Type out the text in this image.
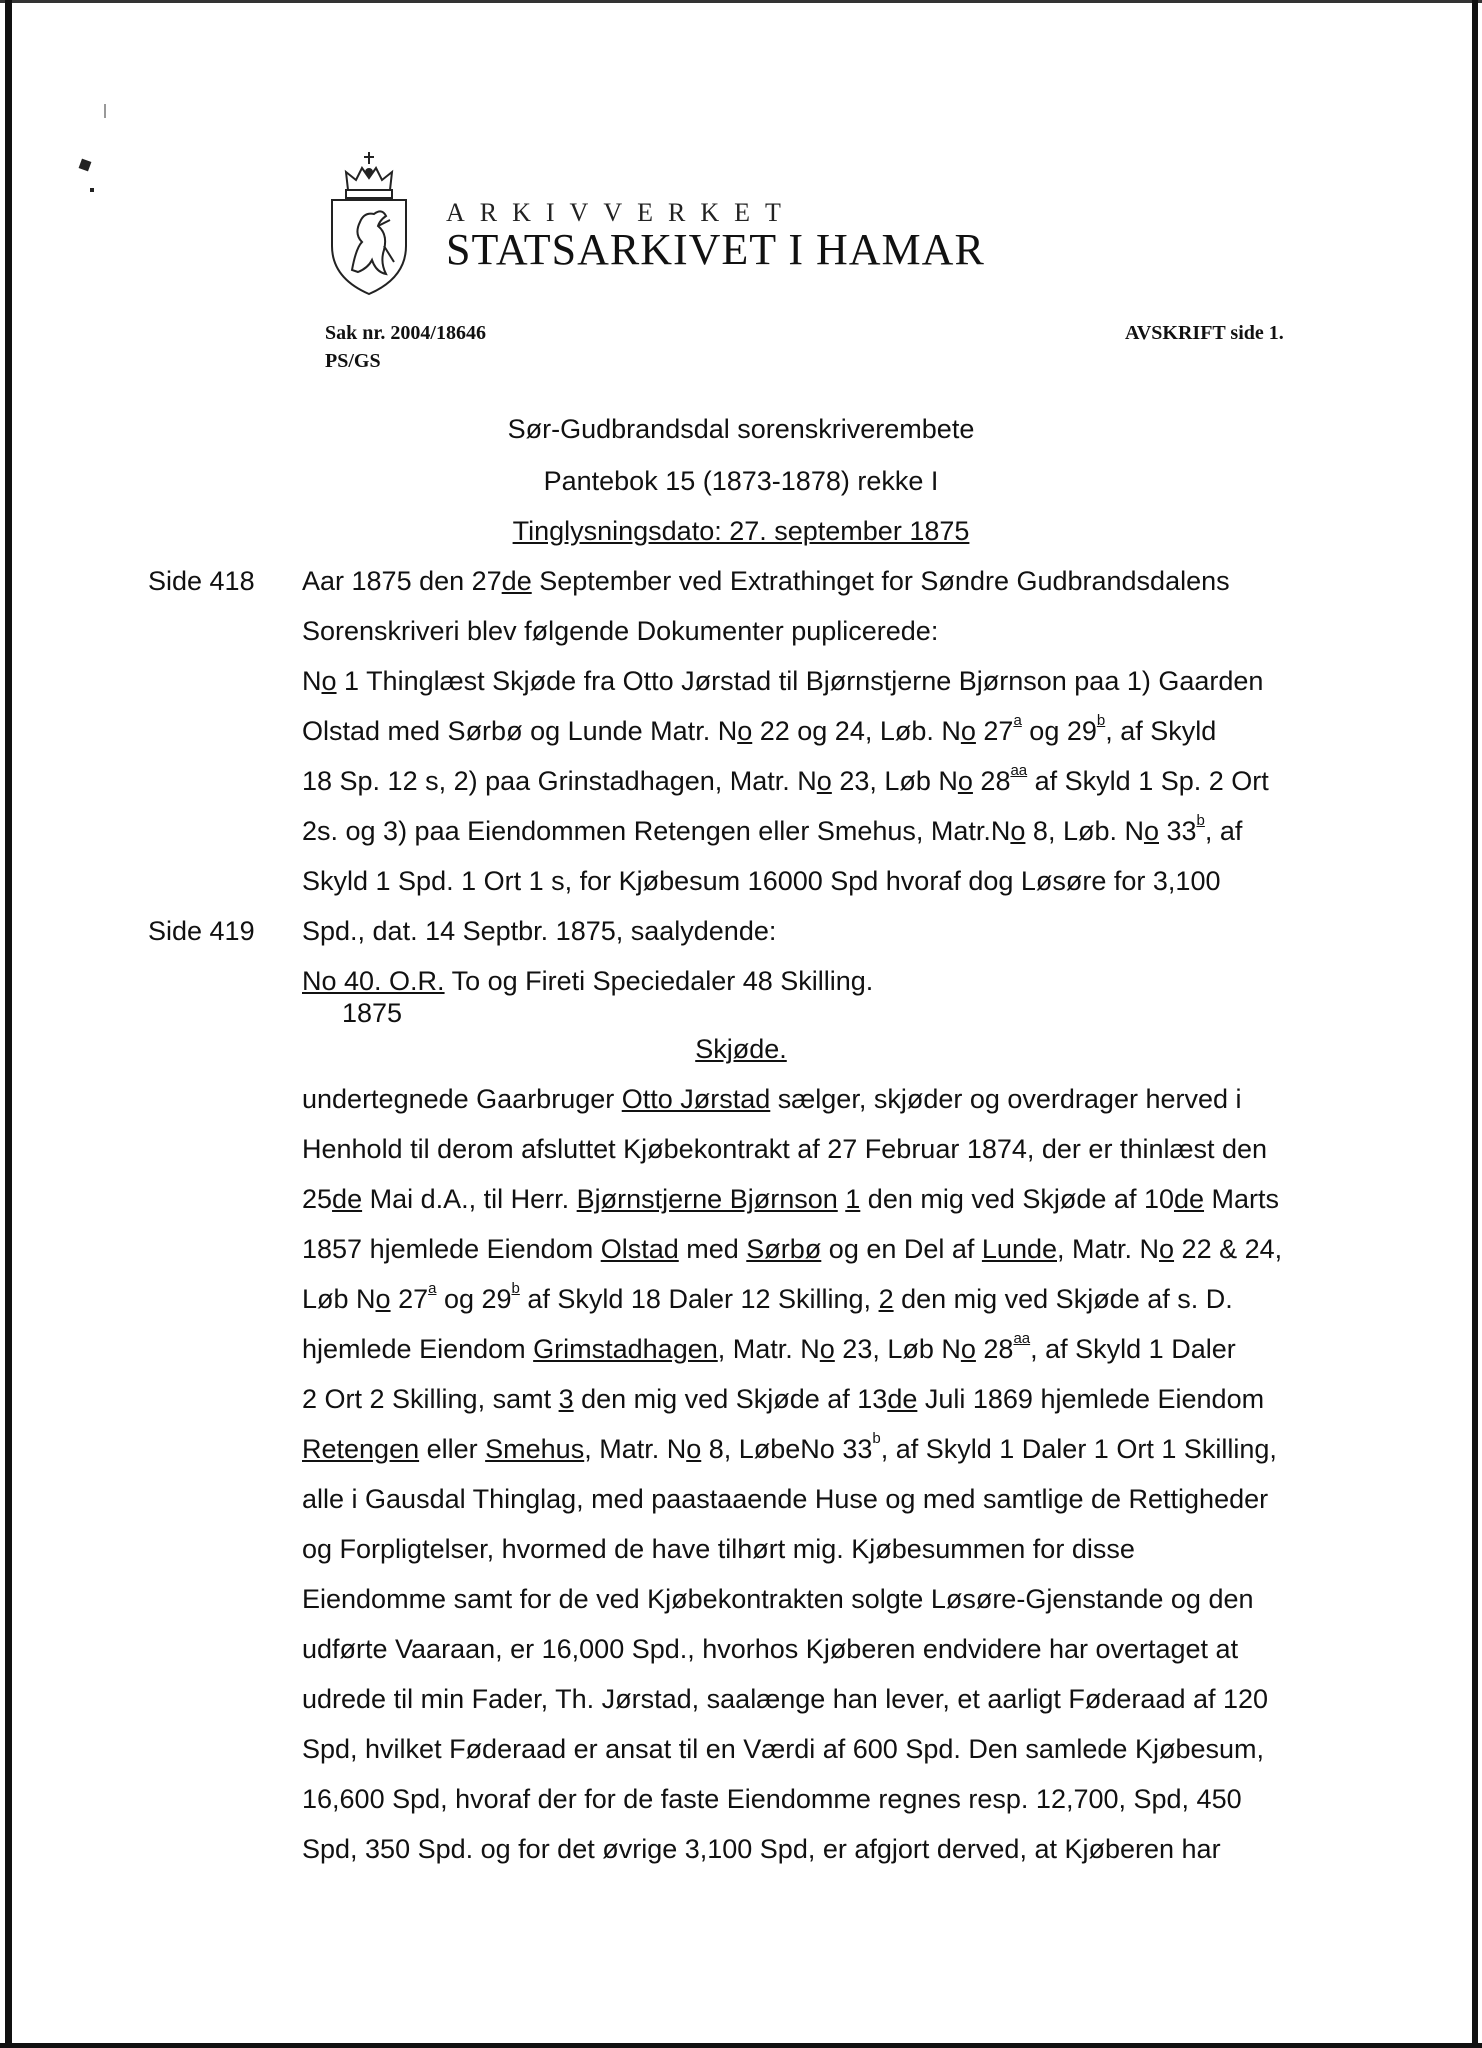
ARKIVVERKET
STATSARKIVET I HAMAR
Sak nr. 2004/18646
PS/GS
AVSKRIFT side 1.
Sør-Gudbrandsdal sorenskriverembete
Pantebok 15 (1873-1878) rekke I
Tinglysningsdato: 27. september 1875
Side 418
Side 419
Aar 1875 den 27de September ved Extrathinget for Søndre Gudbrandsdalens
Sorenskriveri blev følgende Dokumenter puplicerede:
No 1 Thinglæst Skjøde fra Otto Jørstad til Bjørnstjerne Bjørnson paa 1) Gaarden
Olstad med Sørbø og Lunde Matr. No 22 og 24, Løb. No 27$^a$ og 29$^b$, af Skyld
18 Sp. 12 s, 2) paa Grinstadhagen, Matr. No 23, Løb No $28^{aa}$ af Skyld 1 Sp. 2 Ort
2s. og 3) paa Eiendommen Retengen eller Smehus, Matr.No 8, Løb. No 33$^b$, af
Skyld 1 Spd. 1 Ort 1 s, for Kjøbesum 16000 Spd hvoraf dog Løsøre for 3,100
Spd., dat. 14 Septbr. 1875, saalydende:
No 40. O.R. To og Fireti Speciedaler 48 Skilling.
1875
Skjøde.
undertegnede Gaarbruger Otto Jørstad sælger, skjøder og overdrager herved i
Henhold til derom afsluttet Kjøbekontrakt af 27 Februar 1874, der er thinlæst den
25de Mai d.A., til Herr. Bjørnstjerne Bjørnson 1 den mig ved Skjøde af 10de Marts
1857 hjemlede Eiendom Olstad med Sørbø og en Del af Lunde, Matr. No 22 & 24,
Løb No 27$^a$ og 29$^b$ af Skyld 18 Daler 12 Skilling, 2 den mig ved Skjøde af s. D.
hjemlede Eiendom Grimstadhagen, Matr. No 23, Løb No $28^{aa}$, af Skyld 1 Daler
2 Ort 2 Skilling, samt 3 den mig ved Skjøde af 13de Juli 1869 hjemlede Eiendom
Retengen eller Smehus, Matr. No 8, LøbeNo 33$^b$, af Skyld 1 Daler 1 Ort 1 Skilling,
alle i Gausdal Thinglag, med paastaaende Huse og med samtlige de Rettigheder
og Forpligtelser, hvormed de have tilhørt mig. Kjøbesummen for disse
Eiendomme samt for de ved Kjøbekontrakten solgte Løsøre-Gjenstande og den
udførte Vaaraan, er 16,000 Spd., hvorhos Kjøberen endvidere har overtaget at
udrede til min Fader, Th. Jørstad, saalænge han lever, et aarligt Føderaad af 120
Spd, hvilket Føderaad er ansat til en Værdi af 600 Spd. Den samlede Kjøbesum,
16,600 Spd, hvoraf der for de faste Eiendomme regnes resp. 12,700, Spd, 450
Spd, 350 Spd. og for det øvrige 3,100 Spd, er afgjort derved, at Kjøberen har
